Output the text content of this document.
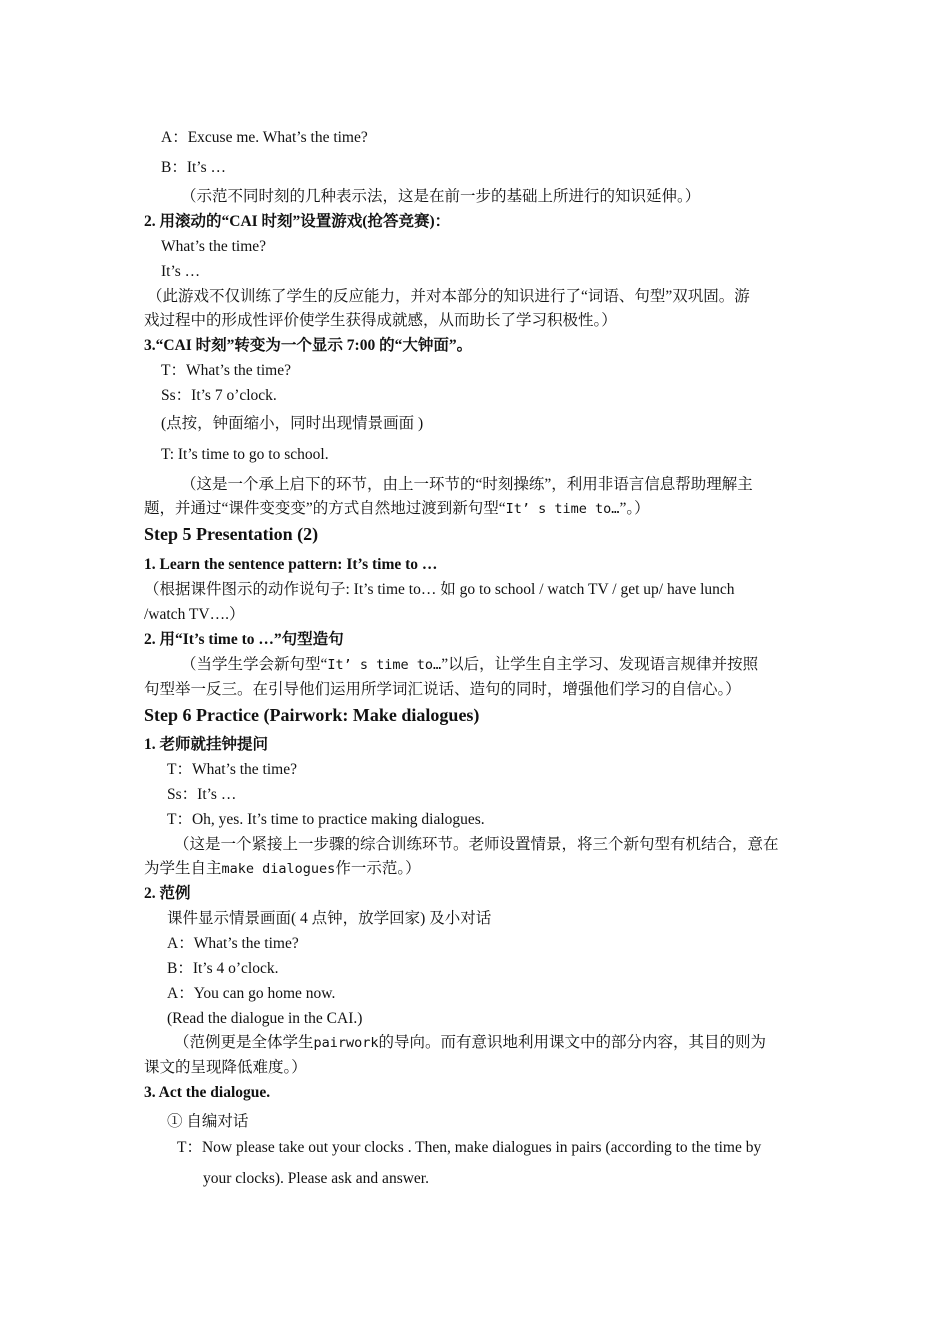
A：Excuse me. What’s the time?
B：It’s …
（示范不同时刻的几种表示法，这是在前一步的基础上所进行的知识延伸。）
2. 用滚动的“CAI 时刻”设置游戏(抢答竞赛)：
What’s the time?
It’s …
（此游戏不仅训练了学生的反应能力，并对本部分的知识进行了“词语、句型”双巩固。游
戏过程中的形成性评价使学生获得成就感，从而助长了学习积极性。）
3.“CAI 时刻”转变为一个显示 7:00 的“大钟面”。
T：What’s the time?
Ss：It’s 7 o’clock.
(点按，钟面缩小，同时出现情景画面 )
T: It’s time to go to school.
（这是一个承上启下的环节，由上一环节的“时刻操练”，利用非语言信息帮助理解主
题，并通过“课件变变变”的方式自然地过渡到新句型“It’ s time to…”。）
Step 5 Presentation (2)
1. Learn the sentence pattern: It’s time to …
（根据课件图示的动作说句子: It’s time to… 如 go to school / watch TV / get up/ have lunch
/watch TV….）
2. 用“It’s time to …”句型造句
（当学生学会新句型“It’ s time to…”以后，让学生自主学习、发现语言规律并按照
句型举一反三。在引导他们运用所学词汇说话、造句的同时，增强他们学习的自信心。）
Step 6 Practice (Pairwork: Make dialogues)
1. 老师就挂钟提问
T：What’s the time?
Ss：It’s …
T：Oh, yes. It’s time to practice making dialogues.
（这是一个紧接上一步骤的综合训练环节。老师设置情景，将三个新句型有机结合，意在
为学生自主make dialogues作一示范。）
2. 范例
课件显示情景画面( 4 点钟，放学回家) 及小对话
A：What’s the time?
B：It’s 4 o’clock.
A：You can go home now.
(Read the dialogue in the CAI.)
（范例更是全体学生pairwork的导向。而有意识地利用课文中的部分内容，其目的则为
课文的呈现降低难度。）
3. Act the dialogue.
① 自编对话
T：Now please take out your clocks . Then, make dialogues in pairs (according to the time by
your clocks). Please ask and answer.
